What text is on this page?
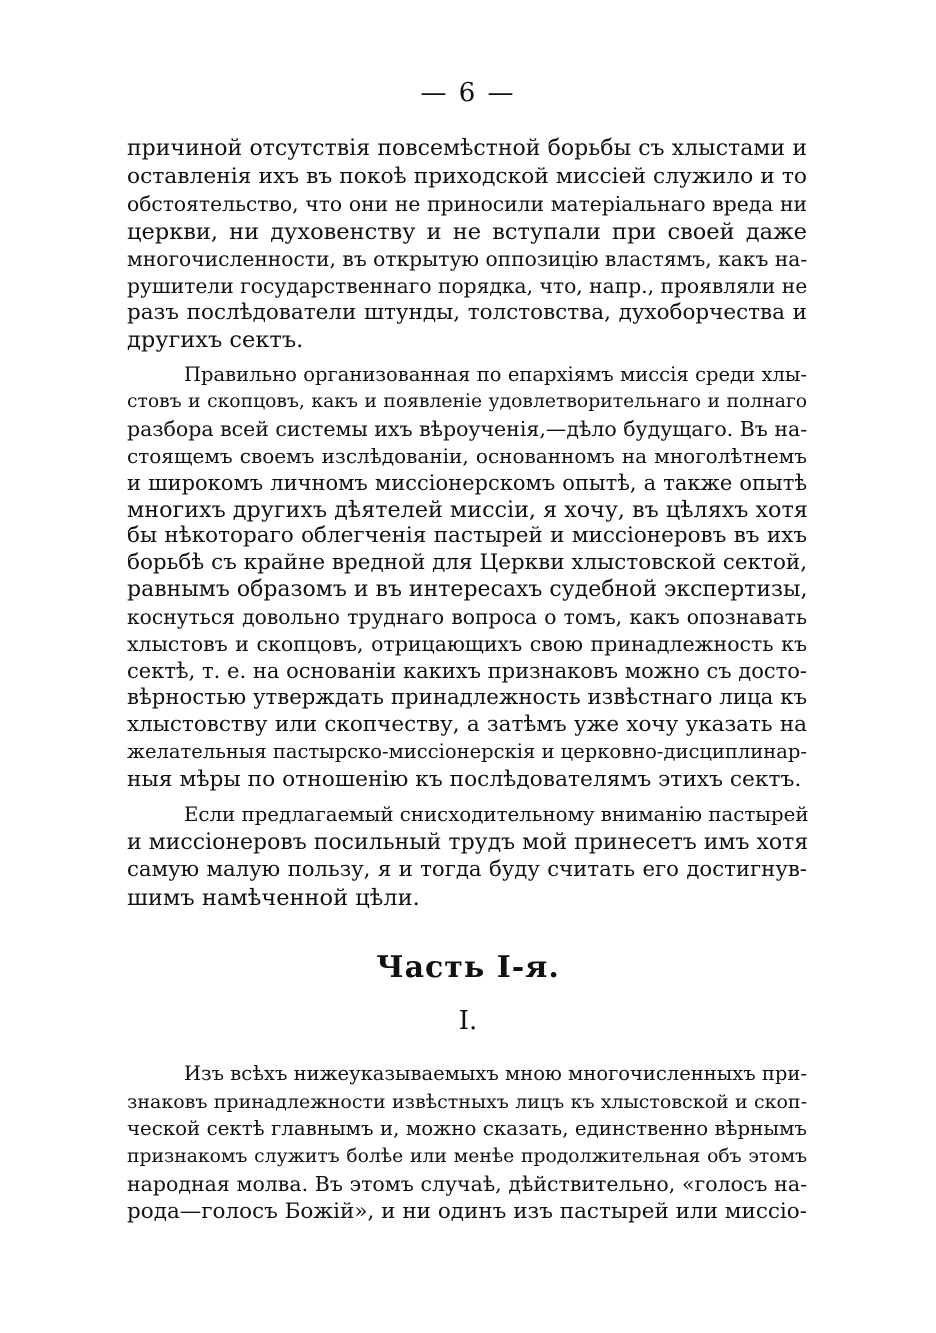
— 6 —
причиной отсутствія повсемѣстной борьбы съ хлыстами и
оставленія ихъ въ покоѣ приходской миссіей служило и то
обстоятельство, что они не приносили матеріальнаго вреда ни
церкви, ни духовенству и не вступали при своей даже
многочисленности, въ открытую оппозицію властямъ, какъ на-
рушители государственнаго порядка, что, напр., проявляли не
разъ послѣдователи штунды, толстовства, духоборчества и
другихъ сектъ.
Правильно организованная по епархіямъ миссія среди хлы-
стовъ и скопцовъ, какъ и появленіе удовлетворительнаго и полнаго
разбора всей системы ихъ вѣроученія,—дѣло будущаго. Въ на-
стоящемъ своемъ изслѣдованіи, основанномъ на многолѣтнемъ
и широкомъ личномъ миссіонерскомъ опытѣ, а также опытѣ
многихъ другихъ дѣятелей миссіи, я хочу, въ цѣляхъ хотя
бы нѣкотораго облегченія пастырей и миссіонеровъ въ ихъ
борьбѣ съ крайне вредной для Церкви хлыстовской сектой,
равнымъ образомъ и въ интересахъ судебной экспертизы,
коснуться довольно труднаго вопроса о томъ, какъ опознавать
хлыстовъ и скопцовъ, отрицающихъ свою принадлежность къ
сектѣ, т. е. на основаніи какихъ признаковъ можно съ досто-
вѣрностью утверждать принадлежность извѣстнаго лица къ
хлыстовству или скопчеству, а затѣмъ уже хочу указать на
желательныя пастырско-миссіонерскія и церковно-дисциплинар-
ныя мѣры по отношенію къ послѣдователямъ этихъ сектъ.
Если предлагаемый снисходительному вниманію пастырей
и миссіонеровъ посильный трудъ мой принесетъ имъ хотя
самую малую пользу, я и тогда буду считать его достигнув-
шимъ намѣченной цѣли.
Часть I-я.
I.
Изъ всѣхъ нижеуказываемыхъ мною многочисленныхъ при-
знаковъ принадлежности извѣстныхъ лицъ къ хлыстовской и скоп-
ческой сектѣ главнымъ и, можно сказать, единственно вѣрнымъ
признакомъ служитъ болѣе или менѣе продолжительная объ этомъ
народная молва. Въ этомъ случаѣ, дѣйствительно, «голосъ на-
рода—голосъ Божій», и ни одинъ изъ пастырей или миссіо-
